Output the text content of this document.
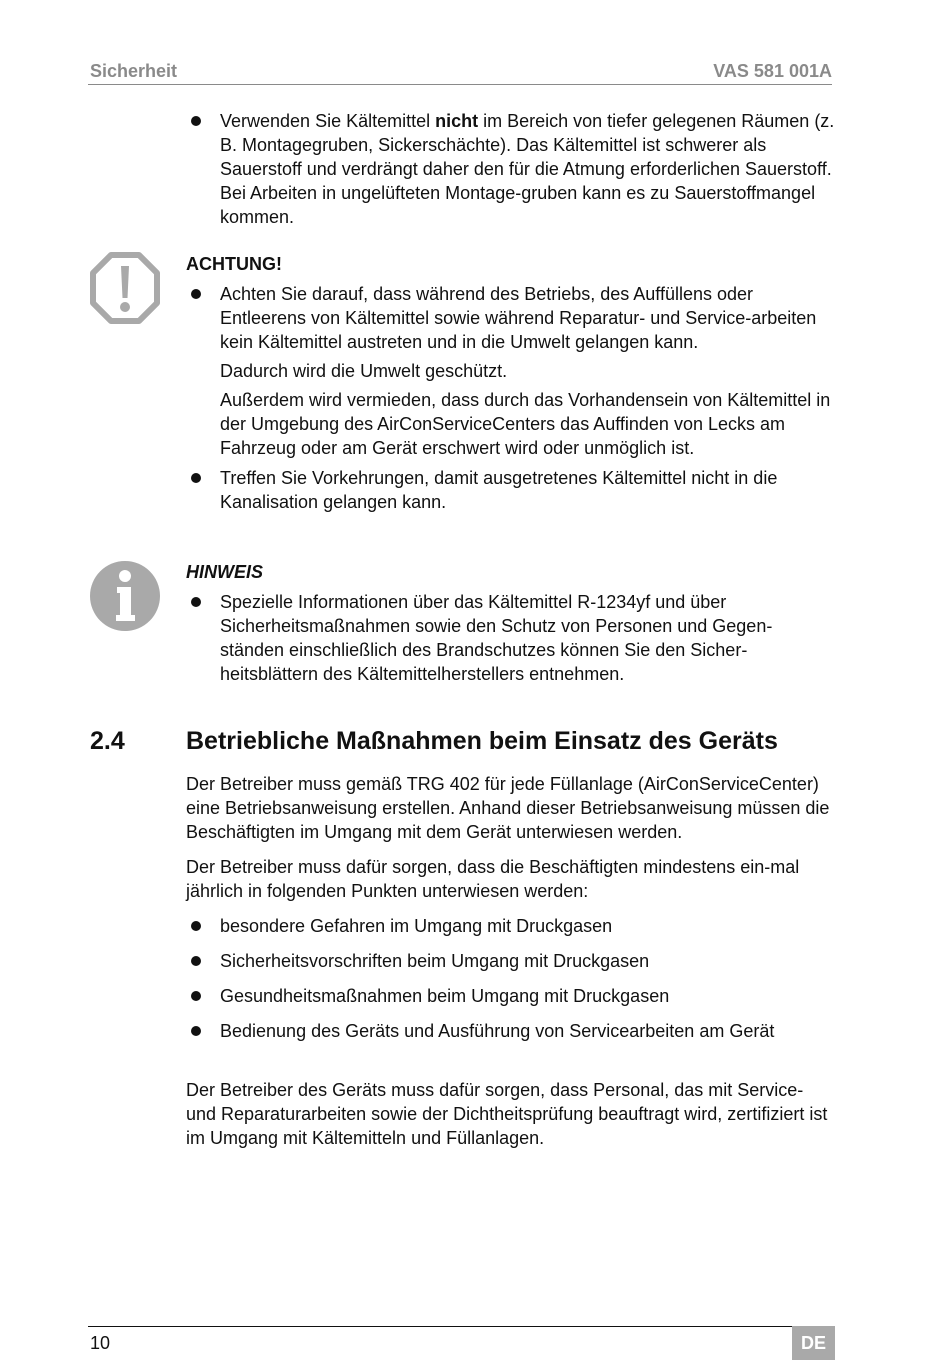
Sicherheit	VAS 581 001A
Verwenden Sie Kältemittel nicht im Bereich von tiefer gelegenen Räumen (z. B. Montagegruben, Sickerschächte). Das Kältemittel ist schwerer als Sauerstoff und verdrängt daher den für die Atmung erforderlichen Sauerstoff. Bei Arbeiten in ungelüfteten Montage-gruben kann es zu Sauerstoffmangel kommen.
ACHTUNG!
Achten Sie darauf, dass während des Betriebs, des Auffüllens oder Entleerens von Kältemittel sowie während Reparatur- und Service-arbeiten kein Kältemittel austreten und in die Umwelt gelangen kann.
Dadurch wird die Umwelt geschützt.
Außerdem wird vermieden, dass durch das Vorhandensein von Kältemittel in der Umgebung des AirConServiceCenters das Auffinden von Lecks am Fahrzeug oder am Gerät erschwert wird oder unmöglich ist.
Treffen Sie Vorkehrungen, damit ausgetretenes Kältemittel nicht in die Kanalisation gelangen kann.
HINWEIS
Spezielle Informationen über das Kältemittel R-1234yf und über Sicherheitsmaßnahmen sowie den Schutz von Personen und Gegen-ständen einschließlich des Brandschutzes können Sie den Sicher-heitsblättern des Kältemittelherstellers entnehmen.
2.4 Betriebliche Maßnahmen beim Einsatz des Geräts
Der Betreiber muss gemäß TRG 402 für jede Füllanlage (AirConServiceCenter) eine Betriebsanweisung erstellen. Anhand dieser Betriebsanweisung müssen die Beschäftigten im Umgang mit dem Gerät unterwiesen werden.
Der Betreiber muss dafür sorgen, dass die Beschäftigten mindestens ein-mal jährlich in folgenden Punkten unterwiesen werden:
besondere Gefahren im Umgang mit Druckgasen
Sicherheitsvorschriften beim Umgang mit Druckgasen
Gesundheitsmaßnahmen beim Umgang mit Druckgasen
Bedienung des Geräts und Ausführung von Servicearbeiten am Gerät
Der Betreiber des Geräts muss dafür sorgen, dass Personal, das mit Service- und Reparaturarbeiten sowie der Dichtheitsprüfung beauftragt wird, zertifiziert ist im Umgang mit Kältemitteln und Füllanlagen.
10	DE
